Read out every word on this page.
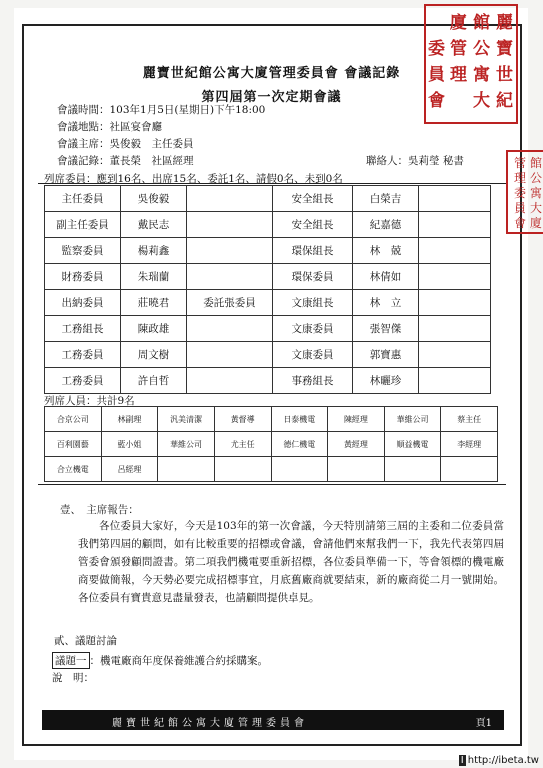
麗
寶
世
紀
館
公
寓
大
廈
管
理
委
員
會
館
公
寓
大
廈
管
理
委
員
會
麗寶世紀館公寓大廈管理委員會 會議記錄
第四屆第一次定期會議
會議時間：103年1月5日(星期日)下午18:00
會議地點：社區宴會廳
會議主席：吳俊毅　主任委員
會議記錄：董長榮　社區經理	聯絡人：吳莉瑩 秘書
列席委員：應到16名、出席15名、委託1名、請假0名、未到0名
主任委員	吳俊毅		安全組長	白榮吉	
副主任委員	戴民志		安全組長	紀嘉德	
監察委員	楊莉鑫		環保組長	林　兢	
財務委員	朱瑞蘭		環保委員	林倩如	
出納委員	莊曉君	委託張委員	文康組長	林　立	
工務組長	陳政雄		文康委員	張智傑	
工務委員	周文樹		文康委員	郭寶惠	
工務委員	許自哲		事務組長	林曬珍	
列席人員：共計9名
合京公司	林副理	汎美清潔	黃督導	日泰機電	陳經理	華維公司	蔡主任
百利園藝	藍小姐	華維公司	尤主任	德仁機電	黃經理	順益機電	李經理
合立機電	呂經理						
壹、　主席報告：
各位委員大家好，今天是103年的第一次會議，今天特別請第三屆的主委和二位委員當我們第四屆的顧問，如有比較重要的招標或會議，會請他們來幫我們一下，我先代表第四屆管委會頒發顧問證書。第二項我們機電要重新招標，各位委員準備一下，等會領標的機電廠商要做簡報，今天勢必要完成招標事宜，月底舊廠商就要結束，新的廠商從二月一號開始。各位委員有寶貴意見盡量發表，也請顧問提供卓見。
貳、議題討論
議題一 ：機電廠商年度保養維護合約採購案。
說　明：
麗寶世紀館公寓大廈管理委員會	頁1
I http://ibeta.tw
